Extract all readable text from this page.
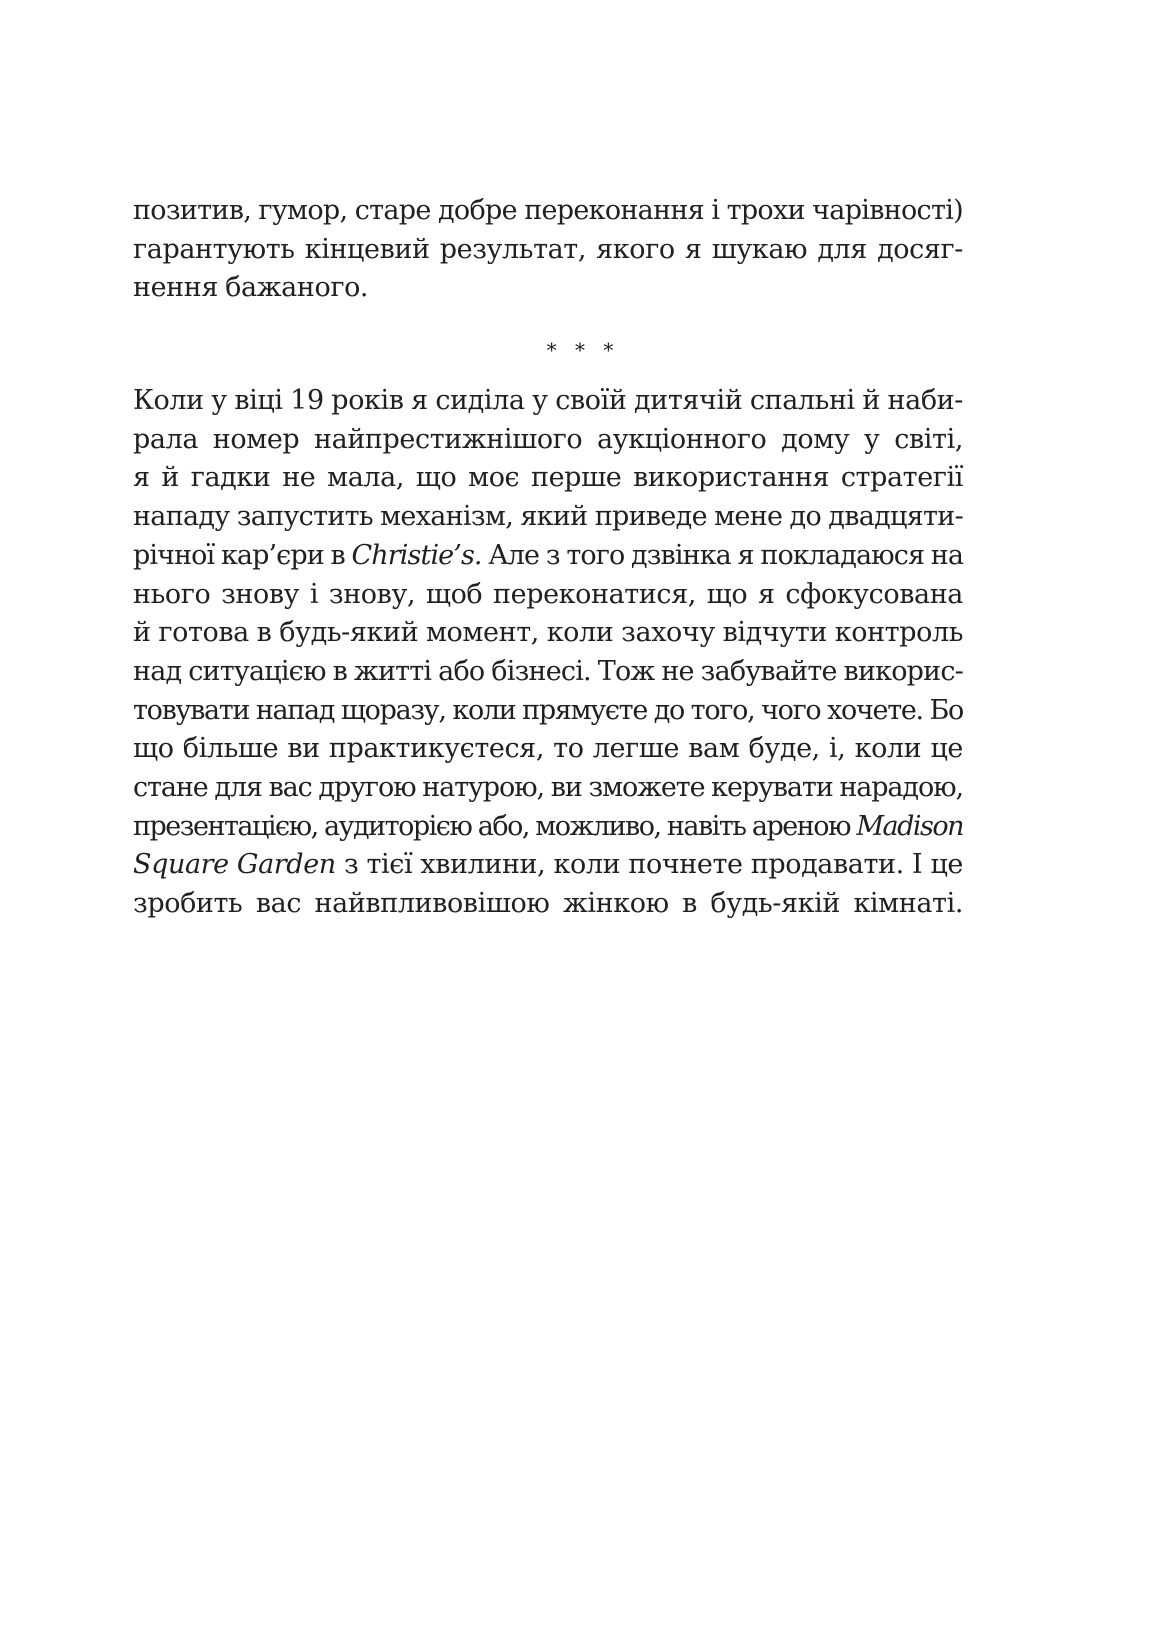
позитив, гумор, старе добре переконання і трохи чарівності)
гарантують кінцевий результат, якого я шукаю для досяг-
нення бажаного.
* * *
Коли у віці 19 років я сиділа у своїй дитячій спальні й наби-
рала номер найпрестижнішого аукціонного дому у світі,
я й гадки не мала, що моє перше використання стратегії
нападу запустить механізм, який приведе мене до двадцяти-
річної кар’єри в Christie’s. Але з того дзвінка я покладаюся на
нього знову і знову, щоб переконатися, що я сфокусована
й готова в будь-який момент, коли захочу відчути контроль
над ситуацією в житті або бізнесі. Тож не забувайте викорис-
товувати напад щоразу, коли прямуєте до того, чого хочете. Бо
що більше ви практикуєтеся, то легше вам буде, і, коли це
стане для вас другою натурою, ви зможете керувати нарадою,
презентацією, аудиторією або, можливо, навіть ареною Madison
Square Garden з тієї хвилини, коли почнете продавати. І це
зробить вас найвпливовішою жінкою в будь-якій кімнаті.
